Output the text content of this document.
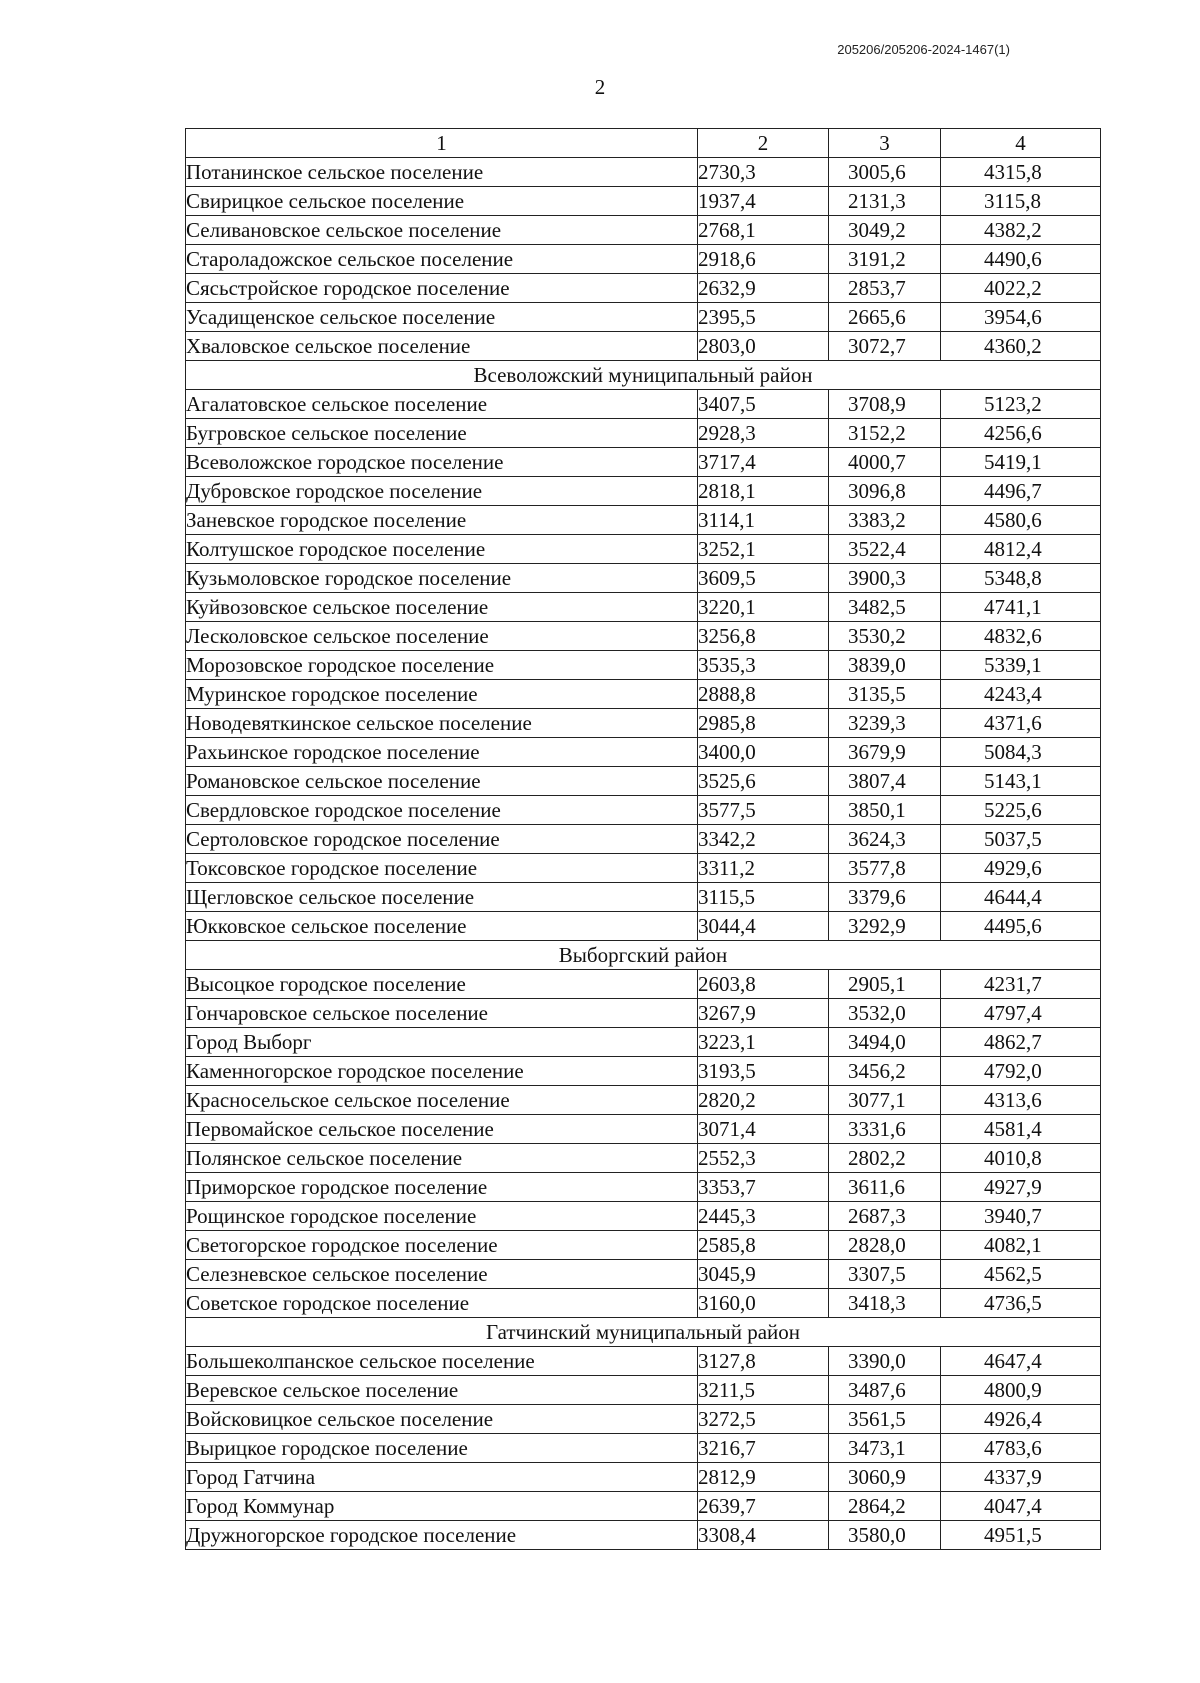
205206/205206-2024-1467(1)
2
1	2	3	4
Потанинское сельское поселение	2730,3	3005,6	4315,8
Свирицкое сельское поселение	1937,4	2131,3	3115,8
Селивановское сельское поселение	2768,1	3049,2	4382,2
Староладожское сельское поселение	2918,6	3191,2	4490,6
Сясьстройское городское поселение	2632,9	2853,7	4022,2
Усадищенское сельское поселение	2395,5	2665,6	3954,6
Хваловское сельское поселение	2803,0	3072,7	4360,2
Всеволожский муниципальный район			
Агалатовское сельское поселение	3407,5	3708,9	5123,2
Бугровское сельское поселение	2928,3	3152,2	4256,6
Всеволожское городское поселение	3717,4	4000,7	5419,1
Дубровское городское поселение	2818,1	3096,8	4496,7
Заневское городское поселение	3114,1	3383,2	4580,6
Колтушское городское поселение	3252,1	3522,4	4812,4
Кузьмоловское городское поселение	3609,5	3900,3	5348,8
Куйвозовское сельское поселение	3220,1	3482,5	4741,1
Лесколовское сельское поселение	3256,8	3530,2	4832,6
Морозовское городское поселение	3535,3	3839,0	5339,1
Муринское городское поселение	2888,8	3135,5	4243,4
Новодевяткинское сельское поселение	2985,8	3239,3	4371,6
Рахьинское городское поселение	3400,0	3679,9	5084,3
Романовское сельское поселение	3525,6	3807,4	5143,1
Свердловское городское поселение	3577,5	3850,1	5225,6
Сертоловское городское поселение	3342,2	3624,3	5037,5
Токсовское городское поселение	3311,2	3577,8	4929,6
Щегловское сельское поселение	3115,5	3379,6	4644,4
Юкковское сельское поселение	3044,4	3292,9	4495,6
Выборгский район			
Высоцкое городское поселение	2603,8	2905,1	4231,7
Гончаровское сельское поселение	3267,9	3532,0	4797,4
Город Выборг	3223,1	3494,0	4862,7
Каменногорское городское поселение	3193,5	3456,2	4792,0
Красносельское сельское поселение	2820,2	3077,1	4313,6
Первомайское сельское поселение	3071,4	3331,6	4581,4
Полянское сельское поселение	2552,3	2802,2	4010,8
Приморское городское поселение	3353,7	3611,6	4927,9
Рощинское городское поселение	2445,3	2687,3	3940,7
Светогорское городское поселение	2585,8	2828,0	4082,1
Селезневское сельское поселение	3045,9	3307,5	4562,5
Советское городское поселение	3160,0	3418,3	4736,5
Гатчинский муниципальный район			
Большеколпанское сельское поселение	3127,8	3390,0	4647,4
Веревское сельское поселение	3211,5	3487,6	4800,9
Войсковицкое сельское поселение	3272,5	3561,5	4926,4
Вырицкое городское поселение	3216,7	3473,1	4783,6
Город Гатчина	2812,9	3060,9	4337,9
Город Коммунар	2639,7	2864,2	4047,4
Дружногорское городское поселение	3308,4	3580,0	4951,5
